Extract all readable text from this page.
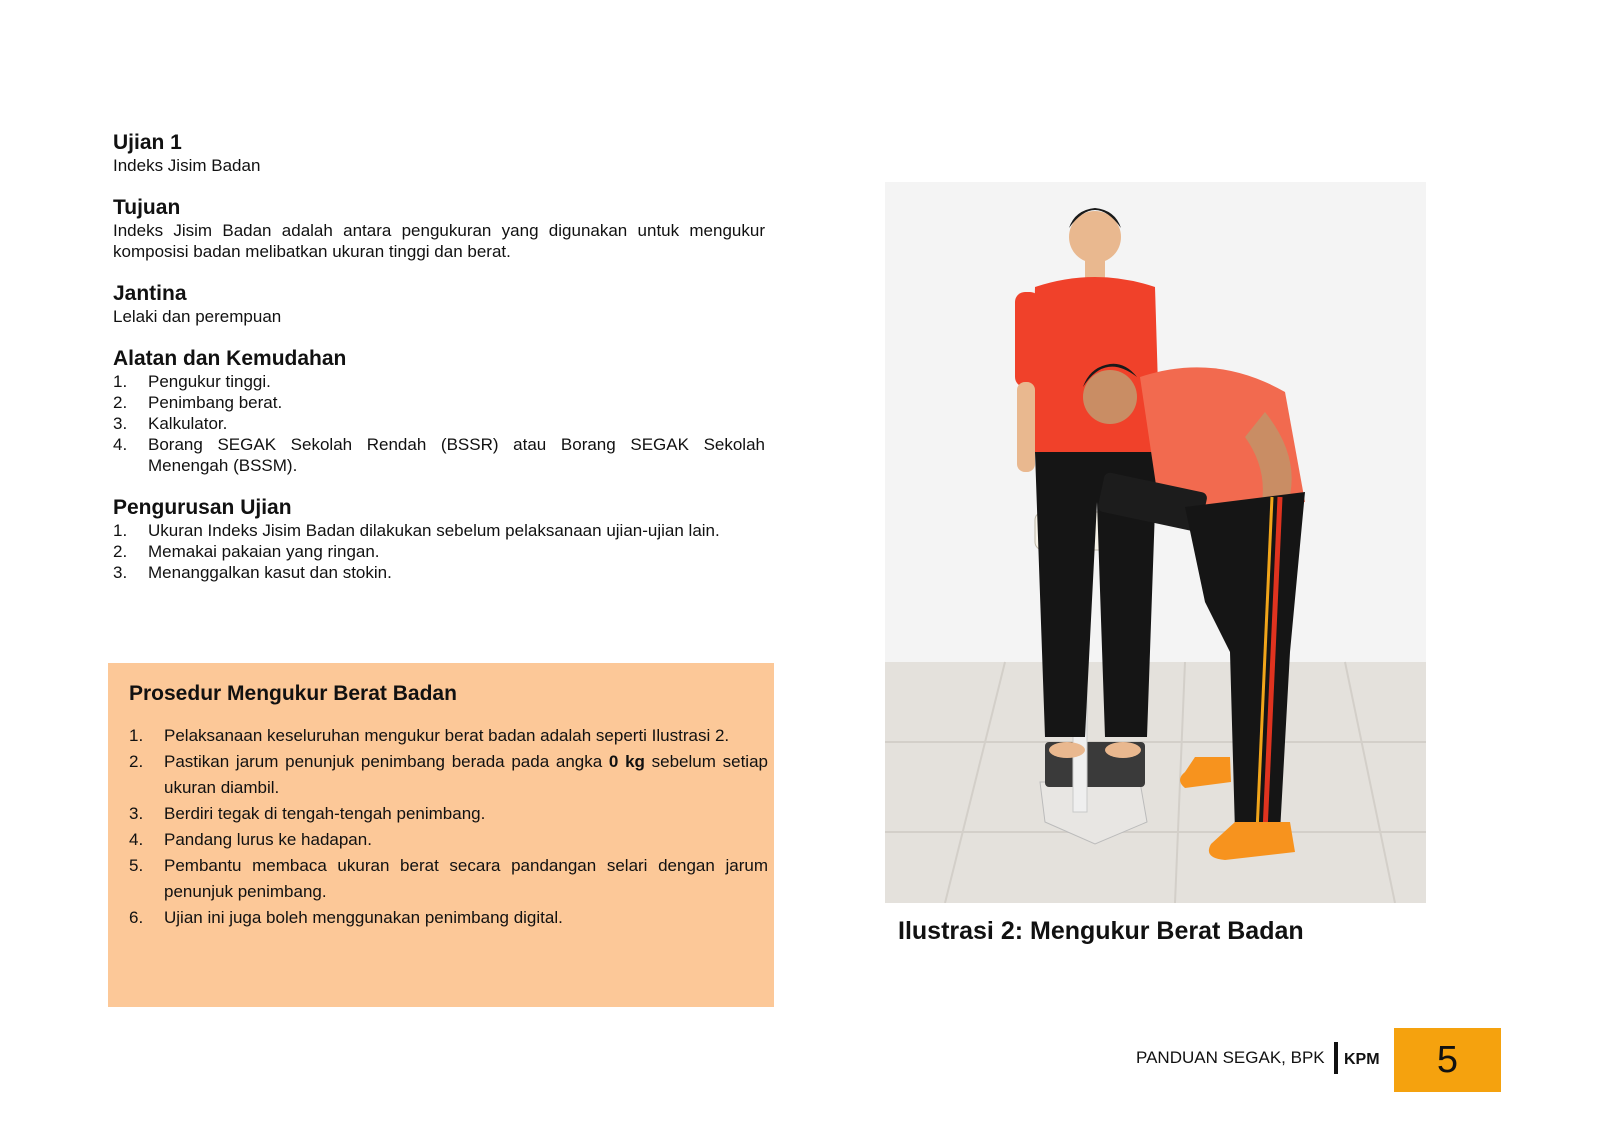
Ujian 1

Indeks Jisim Badan

Tujuan

Indeks Jisim Badan adalah antara pengukuran yang digunakan untuk mengukur komposisi badan melibatkan ukuran tinggi dan berat.

Jantina

Lelaki dan perempuan

Alatan dan Kemudahan

1. Pengukur tinggi.
2. Penimbang berat.
3. Kalkulator.
4. Borang SEGAK Sekolah Rendah (BSSR) atau Borang SEGAK Sekolah Menengah (BSSM).

Pengurusan Ujian

1. Ukuran Indeks Jisim Badan dilakukan sebelum pelaksanaan ujian-ujian lain.
2. Memakai pakaian yang ringan.
3. Menanggalkan kasut dan stokin.

Prosedur Mengukur Berat Badan

1. Pelaksanaan keseluruhan mengukur berat badan adalah seperti Ilustrasi 2.
2. Pastikan jarum penunjuk penimbang berada pada angka 0 kg sebelum setiap ukuran diambil.
3. Berdiri tegak di tengah-tengah penimbang.
4. Pandang lurus ke hadapan.
5. Pembantu membaca ukuran berat secara pandangan selari dengan jarum penunjuk penimbang.
6. Ujian ini juga boleh menggunakan penimbang digital.	Ilustrasi 2: Mengukur Berat Badan
PANDUAN SEGAK, BPK KPM	5
